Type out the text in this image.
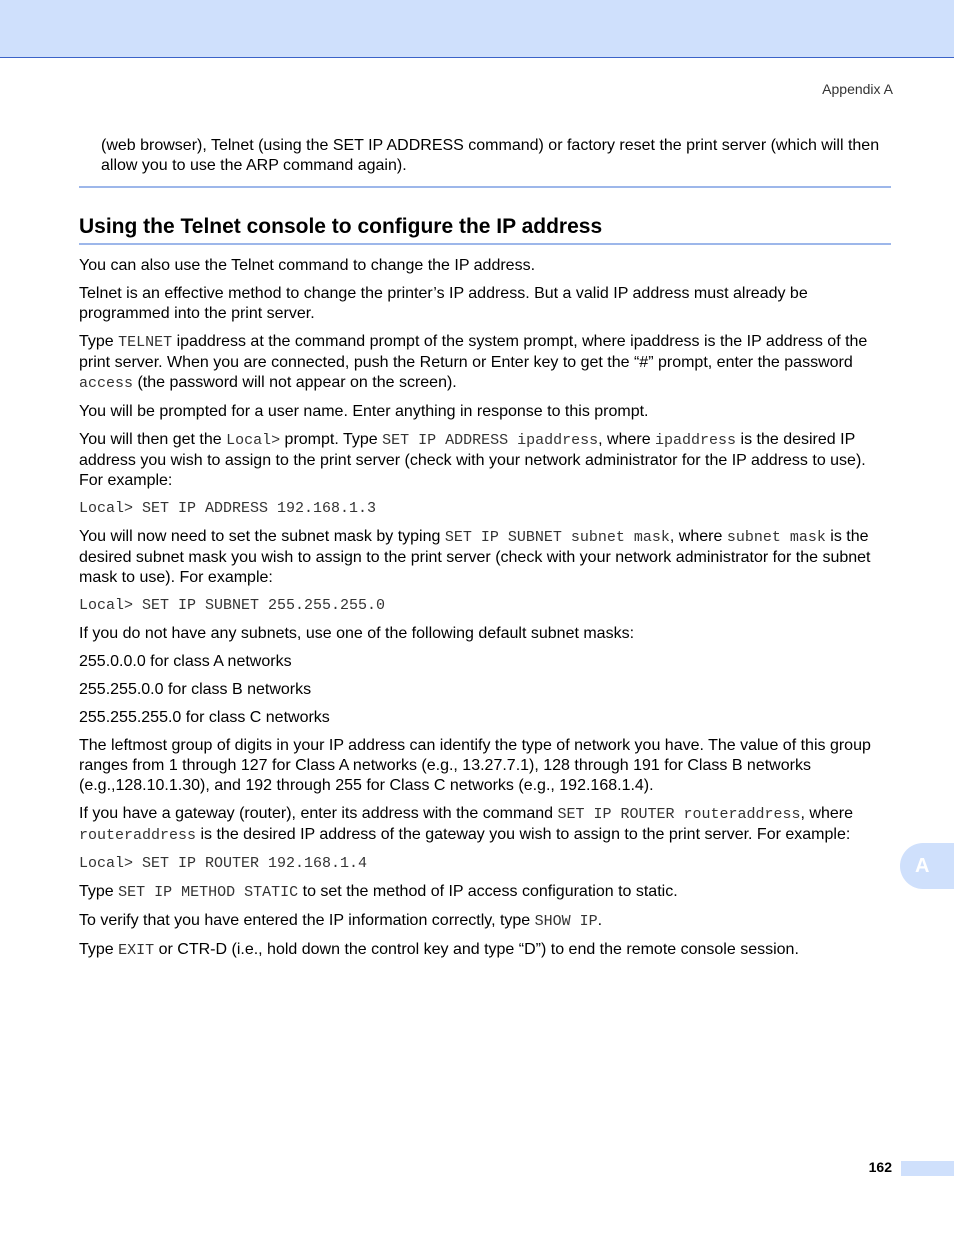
Appendix A

(web browser), Telnet (using the SET IP ADDRESS command) or factory reset the print server (which will then allow you to use the ARP command again).

Using the Telnet console to configure the IP address

You can also use the Telnet command to change the IP address.

Telnet is an effective method to change the printer’s IP address. But a valid IP address must already be programmed into the print server.

Type TELNET ipaddress at the command prompt of the system prompt, where ipaddress is the IP address of the print server. When you are connected, push the Return or Enter key to get the “#” prompt, enter the password access (the password will not appear on the screen).

You will be prompted for a user name. Enter anything in response to this prompt.

You will then get the Local> prompt. Type SET IP ADDRESS ipaddress, where ipaddress is the desired IP address you wish to assign to the print server (check with your network administrator for the IP address to use). For example:

Local> SET IP ADDRESS 192.168.1.3

You will now need to set the subnet mask by typing SET IP SUBNET subnet mask, where subnet mask is the desired subnet mask you wish to assign to the print server (check with your network administrator for the subnet mask to use). For example:

Local> SET IP SUBNET 255.255.255.0

If you do not have any subnets, use one of the following default subnet masks:

255.0.0.0 for class A networks

255.255.0.0 for class B networks

255.255.255.0 for class C networks

The leftmost group of digits in your IP address can identify the type of network you have. The value of this group ranges from 1 through 127 for Class A networks (e.g., 13.27.7.1), 128 through 191 for Class B networks (e.g.,128.10.1.30), and 192 through 255 for Class C networks (e.g., 192.168.1.4).

If you have a gateway (router), enter its address with the command SET IP ROUTER routeraddress, where routeraddress is the desired IP address of the gateway you wish to assign to the print server. For example:

Local> SET IP ROUTER 192.168.1.4

Type SET IP METHOD STATIC to set the method of IP access configuration to static.

To verify that you have entered the IP information correctly, type SHOW IP.

Type EXIT or CTR-D (i.e., hold down the control key and type “D”) to end the remote console session.

A
162
